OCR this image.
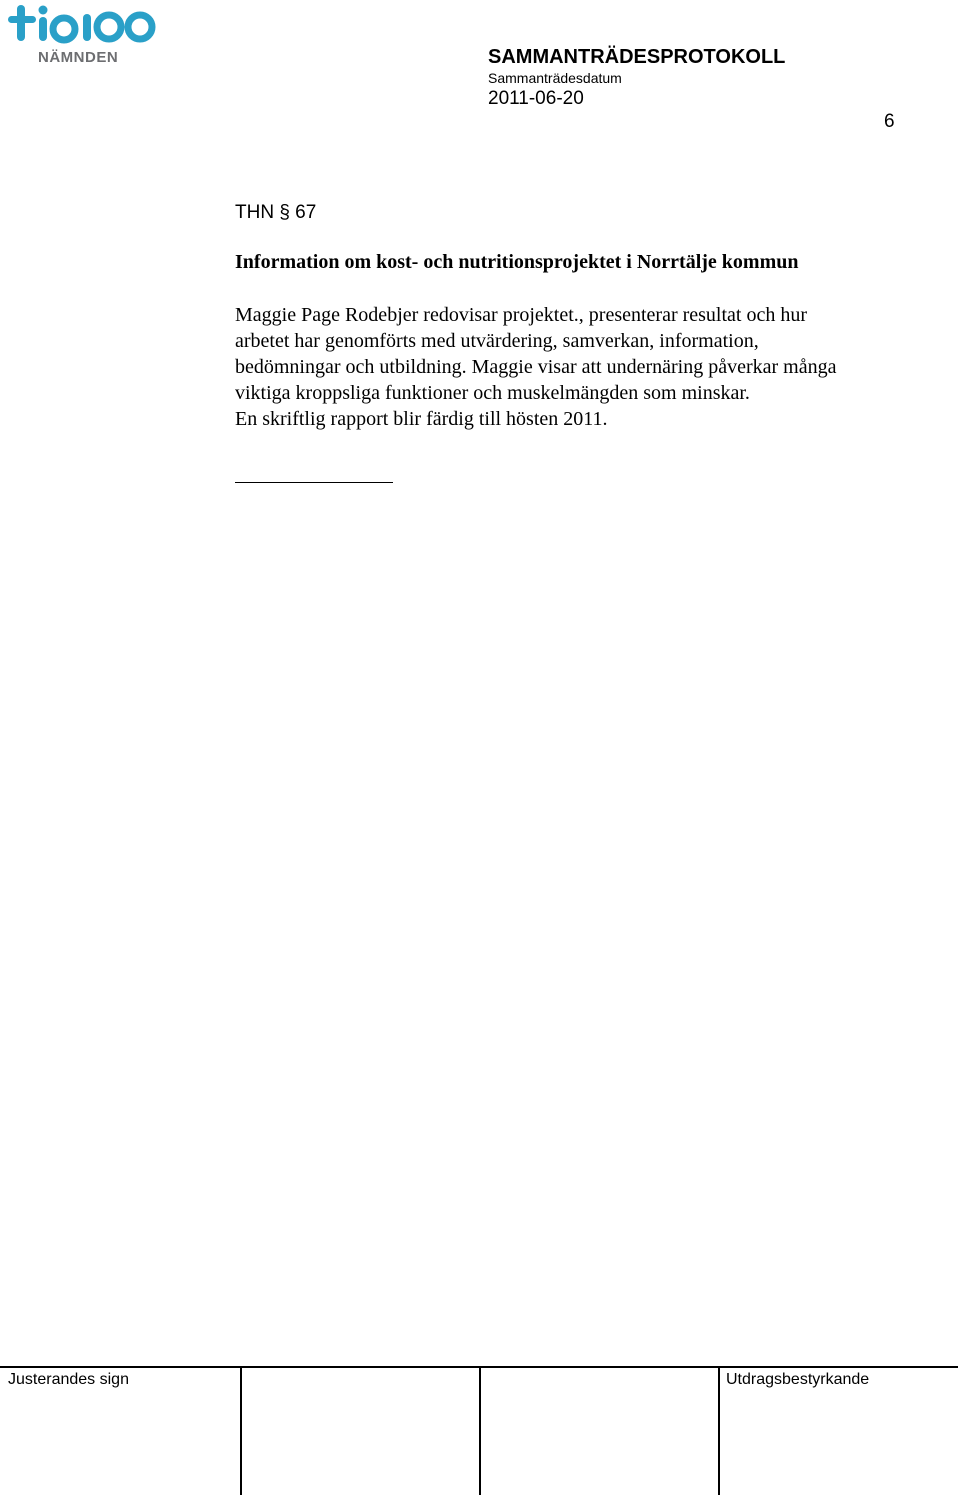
NÄMNDEN	SAMMANTRÄDESPROTOKOLL
Sammanträdesdatum
2011-06-20
6
THN § 67
Information om kost- och nutritionsprojektet i Norrtälje kommun
Maggie Page Rodebjer redovisar projektet., presenterar resultat och hur
arbetet har genomförts med utvärdering, samverkan, information,
bedömningar och utbildning. Maggie visar att undernäring påverkar många
viktiga kroppsliga funktioner och muskelmängden som minskar.
En skriftlig rapport blir färdig till hösten 2011.
Justerandes sign	Utdragsbestyrkande
